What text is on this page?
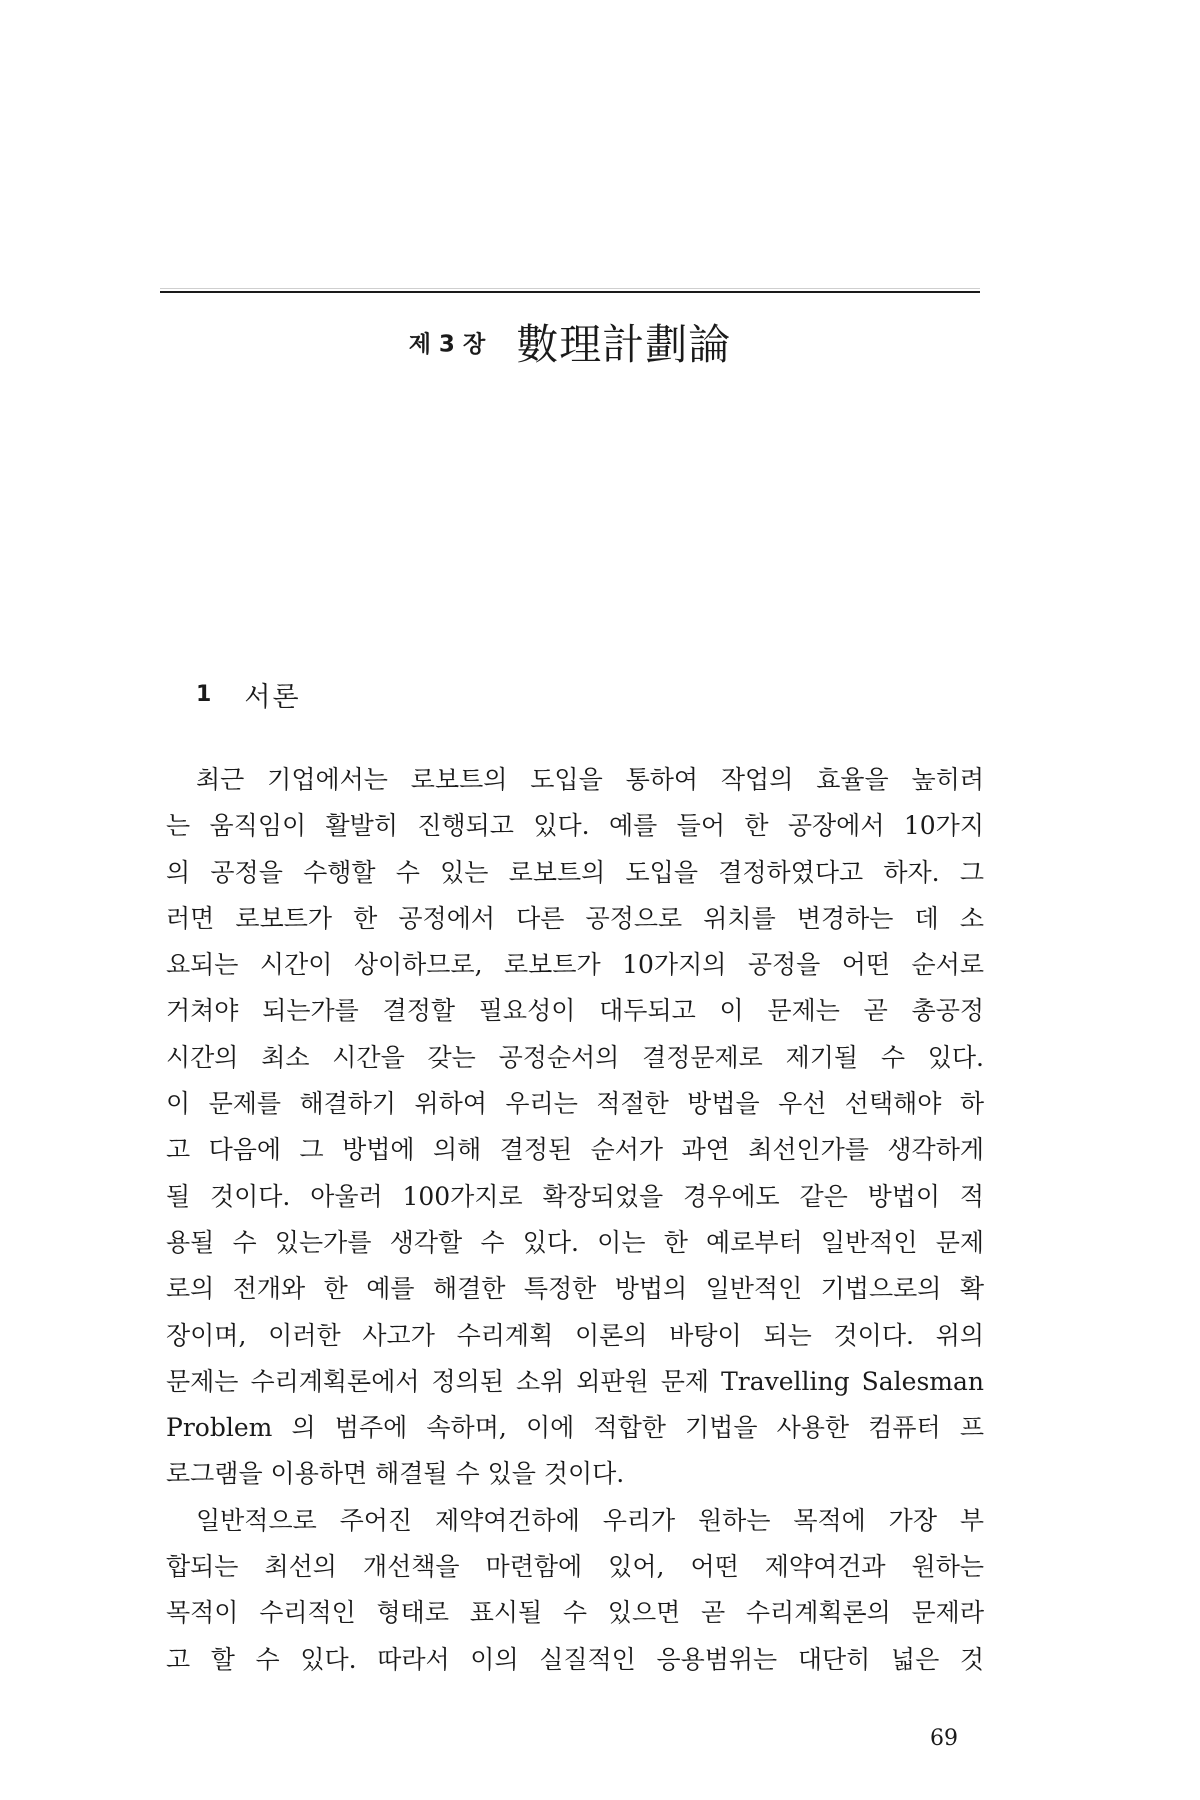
제 3 장 數理計劃論
1 서론
최근 기업에서는 로보트의 도입을 통하여 작업의 효율을 높히려
는 움직임이 활발히 진행되고 있다. 예를 들어 한 공장에서 10가지
의 공정을 수행할 수 있는 로보트의 도입을 결정하였다고 하자. 그
러면 로보트가 한 공정에서 다른 공정으로 위치를 변경하는 데 소
요되는 시간이 상이하므로, 로보트가 10가지의 공정을 어떤 순서로
거쳐야 되는가를 결정할 필요성이 대두되고 이 문제는 곧 총공정
시간의 최소 시간을 갖는 공정순서의 결정문제로 제기될 수 있다.
이 문제를 해결하기 위하여 우리는 적절한 방법을 우선 선택해야 하
고 다음에 그 방법에 의해 결정된 순서가 과연 최선인가를 생각하게
될 것이다. 아울러 100가지로 확장되었을 경우에도 같은 방법이 적
용될 수 있는가를 생각할 수 있다. 이는 한 예로부터 일반적인 문제
로의 전개와 한 예를 해결한 특정한 방법의 일반적인 기법으로의 확
장이며, 이러한 사고가 수리계획 이론의 바탕이 되는 것이다. 위의
문제는 수리계획론에서 정의된 소위 외판원 문제 Travelling Salesman
Problem 의 범주에 속하며, 이에 적합한 기법을 사용한 컴퓨터 프
로그램을 이용하면 해결될 수 있을 것이다.
일반적으로 주어진 제약여건하에 우리가 원하는 목적에 가장 부
합되는 최선의 개선책을 마련함에 있어, 어떤 제약여건과 원하는
목적이 수리적인 형태로 표시될 수 있으면 곧 수리계획론의 문제라
고 할 수 있다. 따라서 이의 실질적인 응용범위는 대단히 넓은 것
69
